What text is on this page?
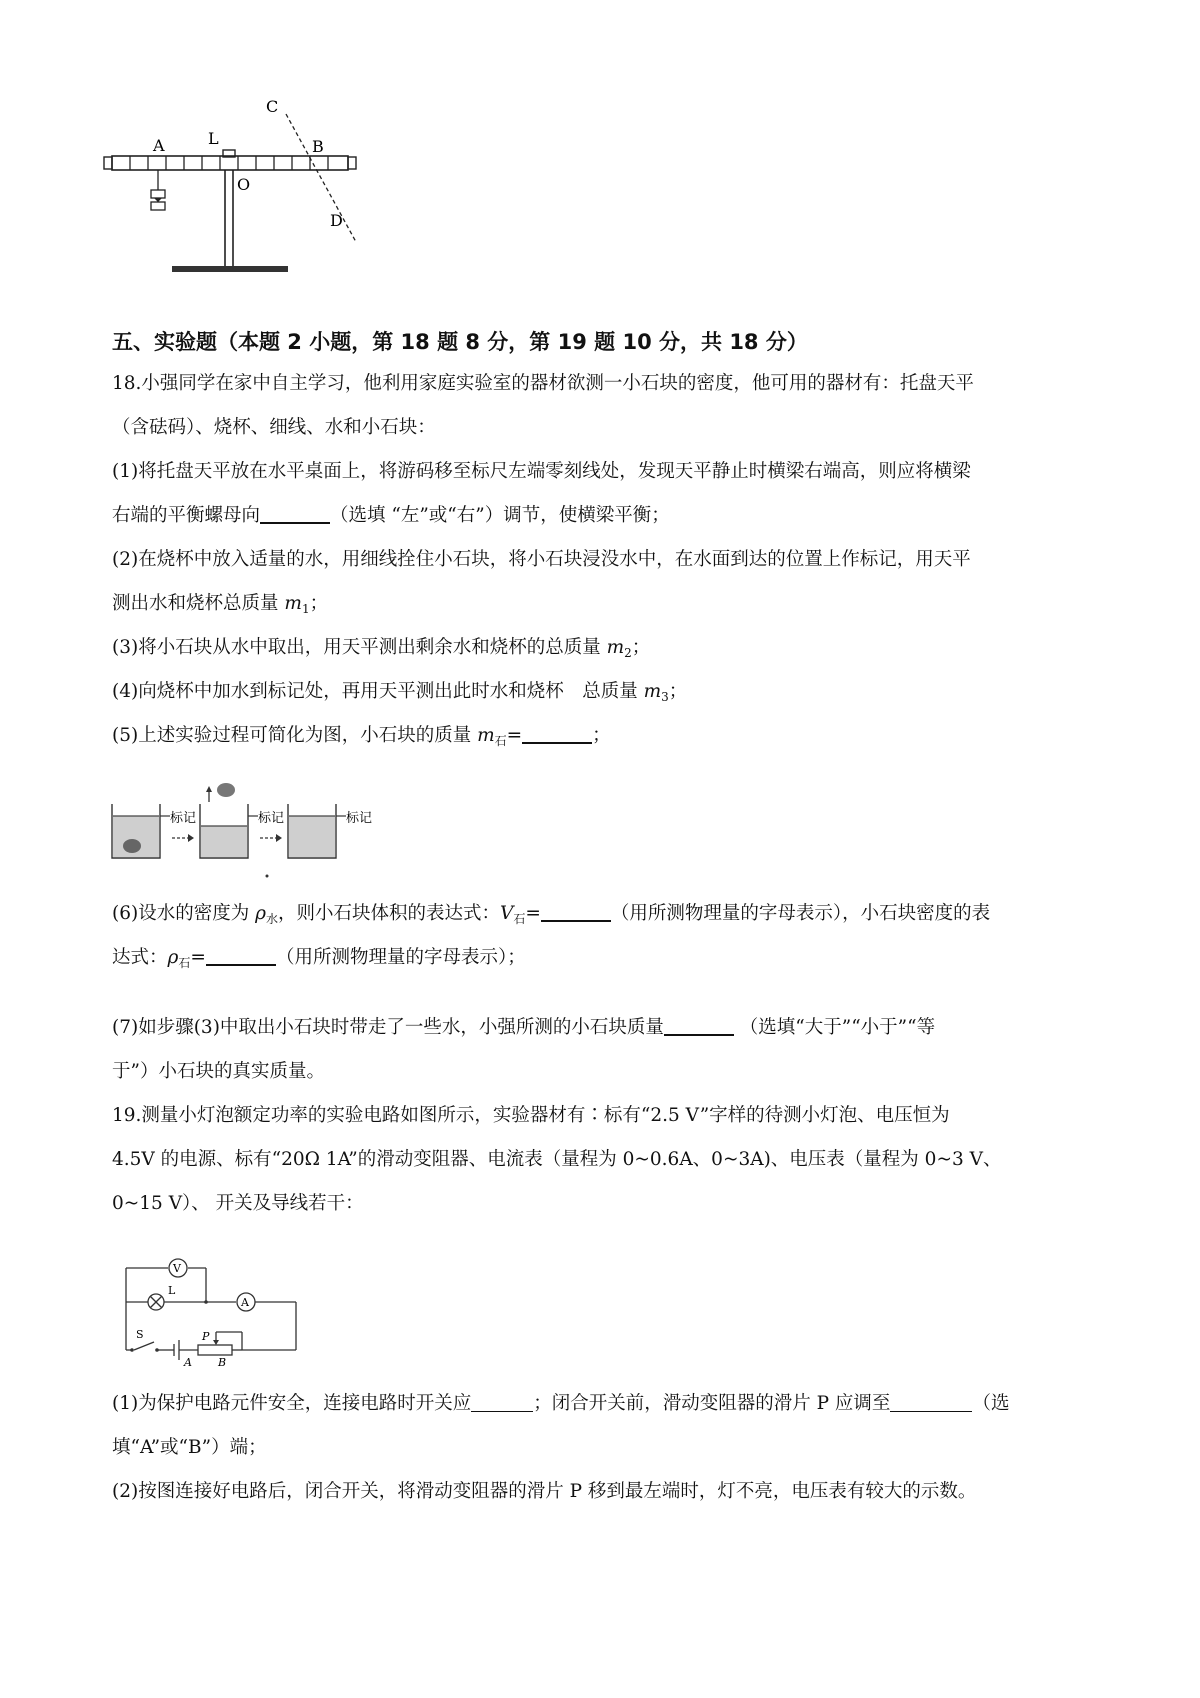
A	L
O
B
C
D
五、实验题（本题 2 小题，第 18 题 8 分，第 19 题 10 分，共 18 分）
18.小强同学在家中自主学习，他利用家庭实验室的器材欲测一小石块的密度，他可用的器材有：托盘天平
（含砝码）、烧杯、细线、水和小石块：
(1)将托盘天平放在水平桌面上，将游码移至标尺左端零刻线处，发现天平静止时横梁右端高，则应将横梁
右端的平衡螺母向	（选填 “左”或“右”）调节，使横梁平衡；
(2)在烧杯中放入适量的水，用细线拴住小石块，将小石块浸没水中，在水面到达的位置上作标记，用天平
测出水和烧杯总质量 $m_1$；
(3)将小石块从水中取出，用天平测出剩余水和烧杯的总质量 $m_2$；
(4)向烧杯中加水到标记处，再用天平测出此时水和烧杯　总质量 $m_3$；
(5)上述实验过程可简化为图，小石块的质量 $m_石=$	；
标记	标记	标记
(6)设水的密度为 $\rho_水$，则小石块体积的表达式：$V_石=$	（用所测物理量的字母表示），小石块密度的表
达式：$\rho_石=$	（用所测物理量的字母表示）；
(7)如步骤(3)中取出小石块时带走了一些水，小强所测的小石块质量	（选填“大于”“小于”“等
于”）小石块的真实质量。
19.测量小灯泡额定功率的实验电路如图所示，实验器材有∶标有“2.5 V”字样的待测小灯泡、电压恒为
4.5V 的电源、标有“20Ω 1A”的滑动变阻器、电流表（量程为 0~0.6A、0~3A)、电压表（量程为 0~3 V、
0~15 V）、 开关及导线若干：
V
L
A
S	P
A B
(1)为保护电路元件安全，连接电路时开关应	；闭合开关前，滑动变阻器的滑片 P 应调至	（选
填“A”或“B”）端；
(2)按图连接好电路后，闭合开关，将滑动变阻器的滑片 P 移到最左端时，灯不亮，电压表有较大的示数。
